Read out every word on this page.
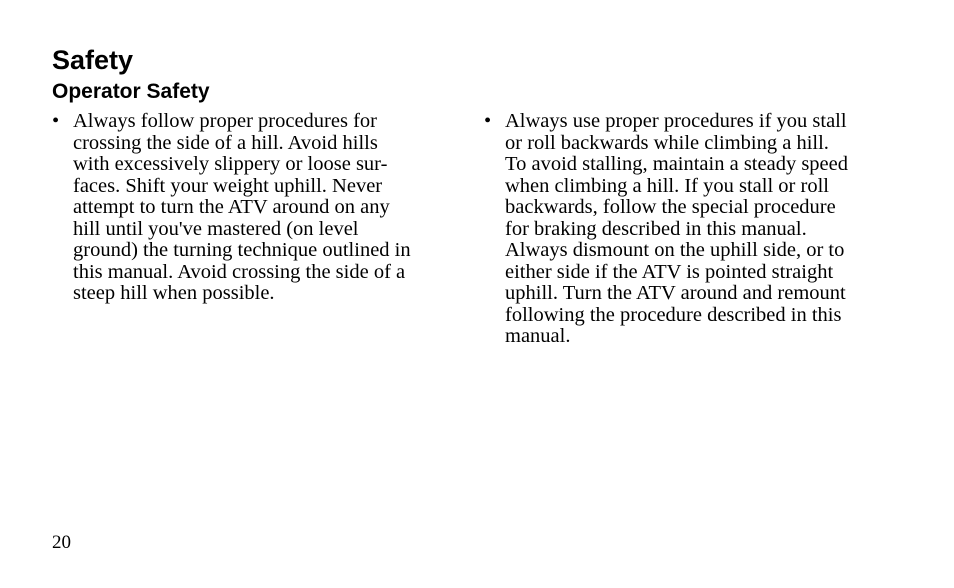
Safety
Operator Safety
• Always follow proper procedures for
crossing the side of a hill. Avoid hills
with excessively slippery or loose sur-
faces. Shift your weight uphill. Never
attempt to turn the ATV around on any
hill until you've mastered (on level
ground) the turning technique outlined in
this manual. Avoid crossing the side of a
steep hill when possible.
• Always use proper procedures if you stall
or roll backwards while climbing a hill.
To avoid stalling, maintain a steady speed
when climbing a hill. If you stall or roll
backwards, follow the special procedure
for braking described in this manual.
Always dismount on the uphill side, or to
either side if the ATV is pointed straight
uphill. Turn the ATV around and remount
following the procedure described in this
manual.

20
